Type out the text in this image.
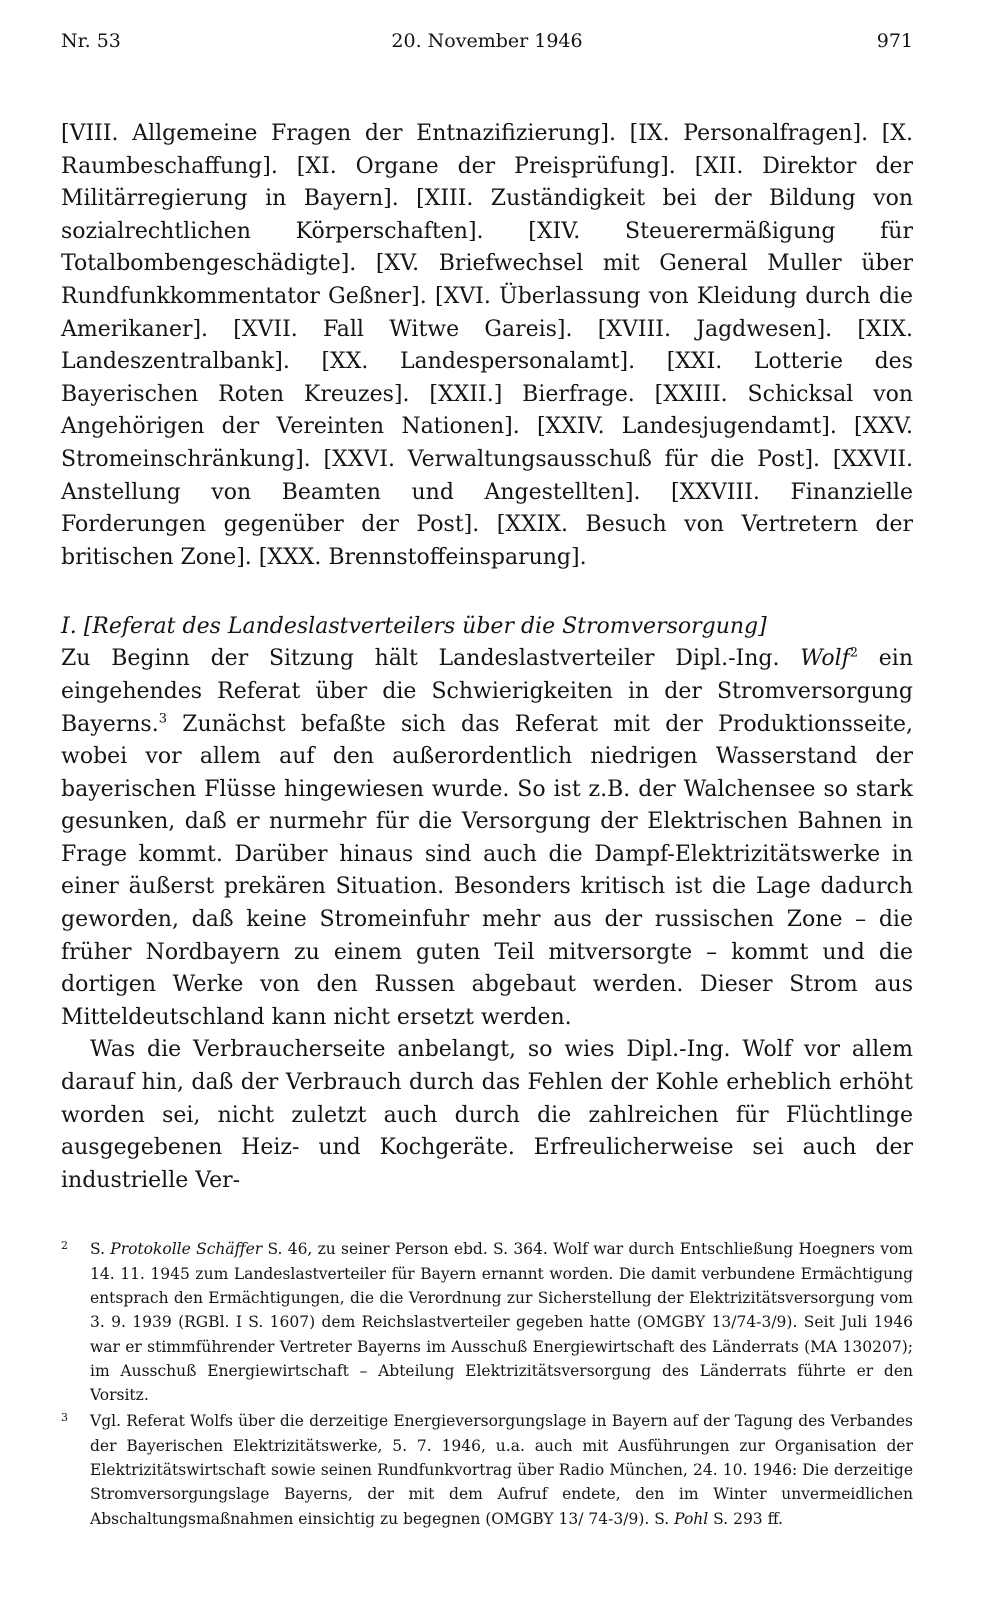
Nr. 53	20. November 1946	971
[VIII. Allgemeine Fragen der Entnazifizierung]. [IX. Personalfragen]. [X. Raumbeschaffung]. [XI. Organe der Preisprüfung]. [XII. Direktor der Militärregierung in Bayern]. [XIII. Zuständigkeit bei der Bildung von sozialrechtlichen Körperschaften]. [XIV. Steuerermäßigung für Totalbombengeschädigte]. [XV. Briefwechsel mit General Muller über Rundfunkkommentator Geßner]. [XVI. Überlassung von Kleidung durch die Amerikaner]. [XVII. Fall Witwe Gareis]. [XVIII. Jagdwesen]. [XIX. Landeszentralbank]. [XX. Landespersonalamt]. [XXI. Lotterie des Bayerischen Roten Kreuzes]. [XXII.] Bierfrage. [XXIII. Schicksal von Angehörigen der Vereinten Nationen]. [XXIV. Landesjugendamt]. [XXV. Stromeinschränkung]. [XXVI. Verwaltungsausschuß für die Post]. [XXVII. Anstellung von Beamten und Angestellten]. [XXVIII. Finanzielle Forderungen gegenüber der Post]. [XXIX. Besuch von Vertretern der britischen Zone]. [XXX. Brennstoffeinsparung].
I. [Referat des Landeslastverteilers über die Stromversorgung]

Zu Beginn der Sitzung hält Landeslastverteiler Dipl.-Ing. Wolf$^2$ ein eingehendes Referat über die Schwierigkeiten in der Stromversorgung Bayerns.$^3$ Zunächst befaßte sich das Referat mit der Produktionsseite, wobei vor allem auf den außerordentlich niedrigen Wasserstand der bayerischen Flüsse hingewiesen wurde. So ist z.B. der Walchensee so stark gesunken, daß er nurmehr für die Versorgung der Elektrischen Bahnen in Frage kommt. Darüber hinaus sind auch die Dampf-Elektrizitätswerke in einer äußerst prekären Situation. Besonders kritisch ist die Lage dadurch geworden, daß keine Stromeinfuhr mehr aus der russischen Zone – die früher Nordbayern zu einem guten Teil mitversorgte – kommt und die dortigen Werke von den Russen abgebaut werden. Dieser Strom aus Mitteldeutschland kann nicht ersetzt werden.

Was die Verbraucherseite anbelangt, so wies Dipl.-Ing. Wolf vor allem darauf hin, daß der Verbrauch durch das Fehlen der Kohle erheblich erhöht worden sei, nicht zuletzt auch durch die zahlreichen für Flüchtlinge ausgegebenen Heiz- und Kochgeräte. Erfreulicherweise sei auch der industrielle Ver-

2 S. Protokolle Schäffer S. 46, zu seiner Person ebd. S. 364. Wolf war durch Entschließung Hoegners vom 14. 11. 1945 zum Landeslastverteiler für Bayern ernannt worden. Die damit verbundene Ermächtigung entsprach den Ermächtigungen, die die Verordnung zur Sicherstellung der Elektrizitätsversorgung vom 3. 9. 1939 (RGBl. I S. 1607) dem Reichslastverteiler gegeben hatte (OMGBY 13/74-3/9). Seit Juli 1946 war er stimmführender Vertreter Bayerns im Ausschuß Energiewirtschaft des Länderrats (MA 130207); im Ausschuß Energiewirtschaft – Abteilung Elektrizitätsversorgung des Länderrats führte er den Vorsitz.
3 Vgl. Referat Wolfs über die derzeitige Energieversorgungslage in Bayern auf der Tagung des Verbandes der Bayerischen Elektrizitätswerke, 5. 7. 1946, u.a. auch mit Ausführungen zur Organisation der Elektrizitätswirtschaft sowie seinen Rundfunkvortrag über Radio München, 24. 10. 1946: Die derzeitige Stromversorgungslage Bayerns, der mit dem Aufruf endete, den im Winter unvermeidlichen Abschaltungsmaßnahmen einsichtig zu begegnen (OMGBY 13/ 74-3/9). S. Pohl S. 293 ff.
